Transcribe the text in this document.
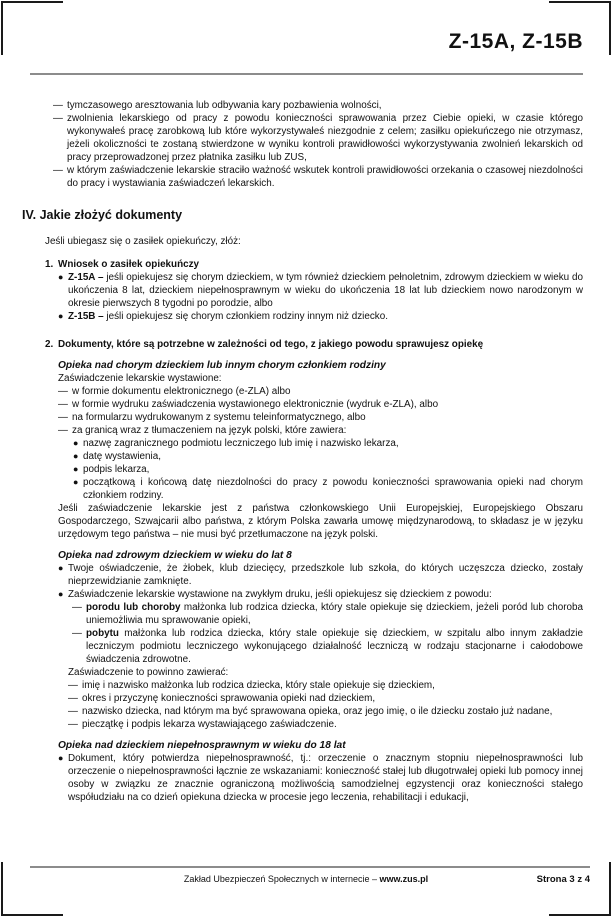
Z-15A, Z-15B
— tymczasowego aresztowania lub odbywania kary pozbawienia wolności,
— zwolnienia lekarskiego od pracy z powodu konieczności sprawowania przez Ciebie opieki, w czasie którego wykonywałeś pracę zarobkową lub które wykorzystywałeś niezgodnie z celem; zasiłku opiekuńczego nie otrzymasz, jeżeli okoliczności te zostaną stwierdzone w wyniku kontroli prawidłowości wykorzystywania zwolnień lekarskich od pracy przeprowadzonej przez płatnika zasiłku lub ZUS,
— w którym zaświadczenie lekarskie straciło ważność wskutek kontroli prawidłowości orzekania o czasowej niezdolności do pracy i wystawiania zaświadczeń lekarskich.
IV. Jakie złożyć dokumenty
Jeśli ubiegasz się o zasiłek opiekuńczy, złóż:
1. Wniosek o zasiłek opiekuńczy
● Z-15A – jeśli opiekujesz się chorym dzieckiem, w tym również dzieckiem pełnoletnim, zdrowym dzieckiem w wieku do ukończenia 8 lat, dzieckiem niepełnosprawnym w wieku do ukończenia 18 lat lub dzieckiem nowo narodzonym w okresie pierwszych 8 tygodni po porodzie, albo
● Z-15B – jeśli opiekujesz się chorym członkiem rodziny innym niż dziecko.
2. Dokumenty, które są potrzebne w zależności od tego, z jakiego powodu sprawujesz opiekę
Opieka nad chorym dzieckiem lub innym chorym członkiem rodziny
Zaświadczenie lekarskie wystawione:
— w formie dokumentu elektronicznego (e-ZLA) albo
— w formie wydruku zaświadczenia wystawionego elektronicznie (wydruk e-ZLA), albo
— na formularzu wydrukowanym z systemu teleinformatycznego, albo
— za granicą wraz z tłumaczeniem na język polski, które zawiera:
● nazwę zagranicznego podmiotu leczniczego lub imię i nazwisko lekarza,
● datę wystawienia,
● podpis lekarza,
● początkową i końcową datę niezdolności do pracy z powodu konieczności sprawowania opieki nad chorym członkiem rodziny.
Jeśli zaświadczenie lekarskie jest z państwa członkowskiego Unii Europejskiej, Europejskiego Obszaru Gospodarczego, Szwajcarii albo państwa, z którym Polska zawarła umowę międzynarodową, to składasz je w języku urzędowym tego państwa – nie musi być przetłumaczone na język polski.
Opieka nad zdrowym dzieckiem w wieku do lat 8
● Twoje oświadczenie, że żłobek, klub dziecięcy, przedszkole lub szkoła, do których uczęszcza dziecko, zostały nieprzewidzianie zamknięte.
● Zaświadczenie lekarskie wystawione na zwykłym druku, jeśli opiekujesz się dzieckiem z powodu:
— porodu lub choroby małżonka lub rodzica dziecka, który stale opiekuje się dzieckiem, jeżeli poród lub choroba uniemożliwia mu sprawowanie opieki,
— pobytu małżonka lub rodzica dziecka, który stale opiekuje się dzieckiem, w szpitalu albo innym zakładzie leczniczym podmiotu leczniczego wykonującego działalność leczniczą w rodzaju stacjonarne i całodobowe świadczenia zdrowotne.
Zaświadczenie to powinno zawierać:
— imię i nazwisko małżonka lub rodzica dziecka, który stale opiekuje się dzieckiem,
— okres i przyczynę konieczności sprawowania opieki nad dzieckiem,
— nazwisko dziecka, nad którym ma być sprawowana opieka, oraz jego imię, o ile dziecku zostało już nadane,
— pieczątkę i podpis lekarza wystawiającego zaświadczenie.
Opieka nad dzieckiem niepełnosprawnym w wieku do 18 lat
● Dokument, który potwierdza niepełnosprawność, tj.: orzeczenie o znacznym stopniu niepełnosprawności lub orzeczenie o niepełnosprawności łącznie ze wskazaniami: konieczność stałej lub długotrwałej opieki lub pomocy innej osoby w związku ze znacznie ograniczoną możliwością samodzielnej egzystencji oraz konieczności stałego współudziału na co dzień opiekuna dziecka w procesie jego leczenia, rehabilitacji i edukacji,
Zakład Ubezpieczeń Społecznych w internecie – www.zus.pl	Strona 3 z 4
